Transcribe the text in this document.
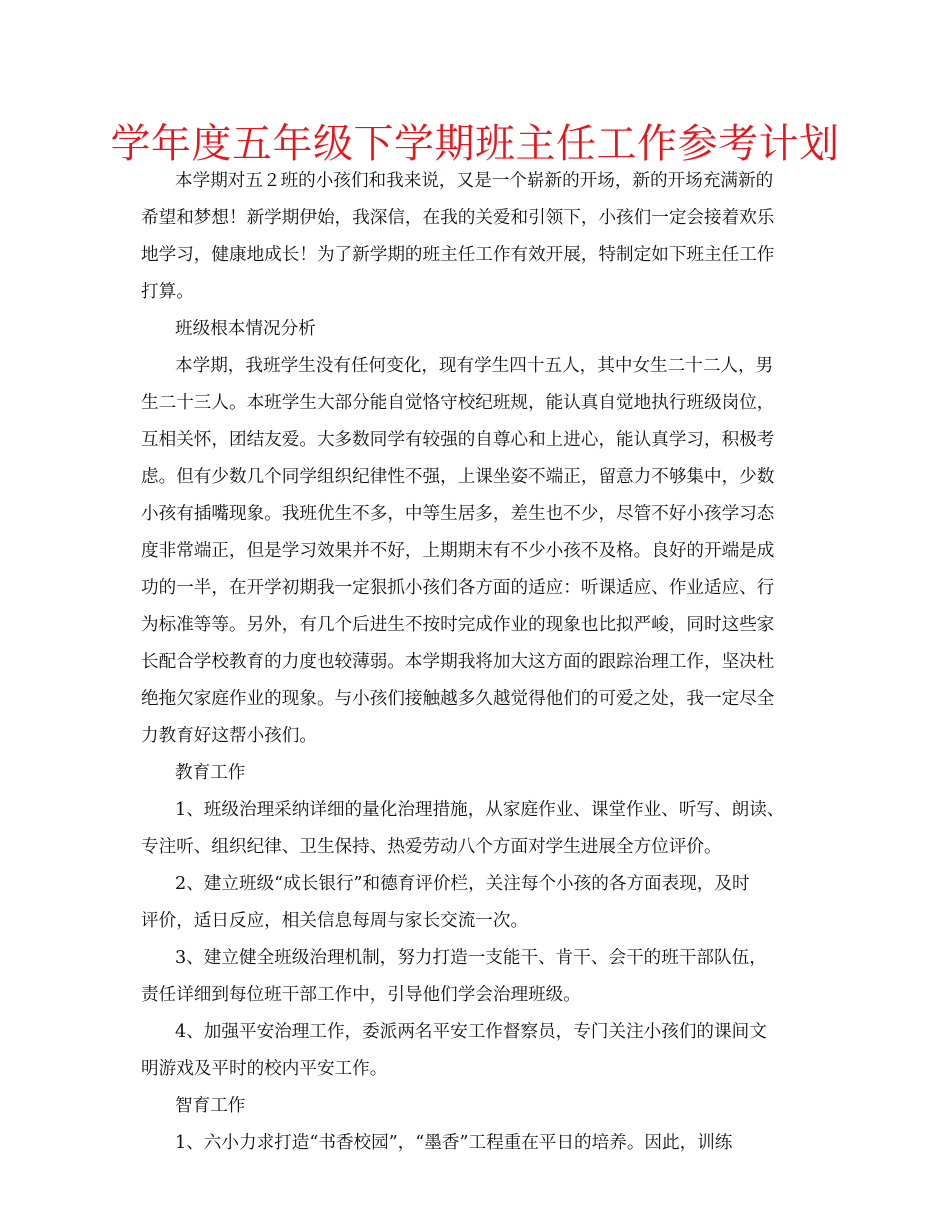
学年度五年级下学期班主任工作参考计划
本学期对五２班的小孩们和我来说，又是一个崭新的开场，新的开场充满新的
希望和梦想！新学期伊始，我深信，在我的关爱和引领下，小孩们一定会接着欢乐
地学习，健康地成长！为了新学期的班主任工作有效开展，特制定如下班主任工作
打算。
班级根本情况分析
本学期，我班学生没有任何变化，现有学生四十五人，其中女生二十二人，男
生二十三人。本班学生大部分能自觉恪守校纪班规，能认真自觉地执行班级岗位，
互相关怀，团结友爱。大多数同学有较强的自尊心和上进心，能认真学习，积极考
虑。但有少数几个同学组织纪律性不强，上课坐姿不端正，留意力不够集中，少数
小孩有插嘴现象。我班优生不多，中等生居多，差生也不少，尽管不好小孩学习态
度非常端正，但是学习效果并不好，上期期末有不少小孩不及格。良好的开端是成
功的一半，在开学初期我一定狠抓小孩们各方面的适应：听课适应、作业适应、行
为标准等等。另外，有几个后进生不按时完成作业的现象也比拟严峻，同时这些家
长配合学校教育的力度也较薄弱。本学期我将加大这方面的跟踪治理工作，坚决杜
绝拖欠家庭作业的现象。与小孩们接触越多久越觉得他们的可爱之处，我一定尽全
力教育好这帮小孩们。
教育工作
1、班级治理采纳详细的量化治理措施，从家庭作业、课堂作业、听写、朗读、
专注听、组织纪律、卫生保持、热爱劳动八个方面对学生进展全方位评价。
2、建立班级“成长银行”和德育评价栏，关注每个小孩的各方面表现，及时
评价，适日反应，相关信息每周与家长交流一次。
3、建立健全班级治理机制，努力打造一支能干、肯干、会干的班干部队伍，
责任详细到每位班干部工作中，引导他们学会治理班级。
4、加强平安治理工作，委派两名平安工作督察员，专门关注小孩们的课间文
明游戏及平时的校内平安工作。
智育工作
1、六小力求打造“书香校园”，“墨香”工程重在平日的培养。因此，训练
